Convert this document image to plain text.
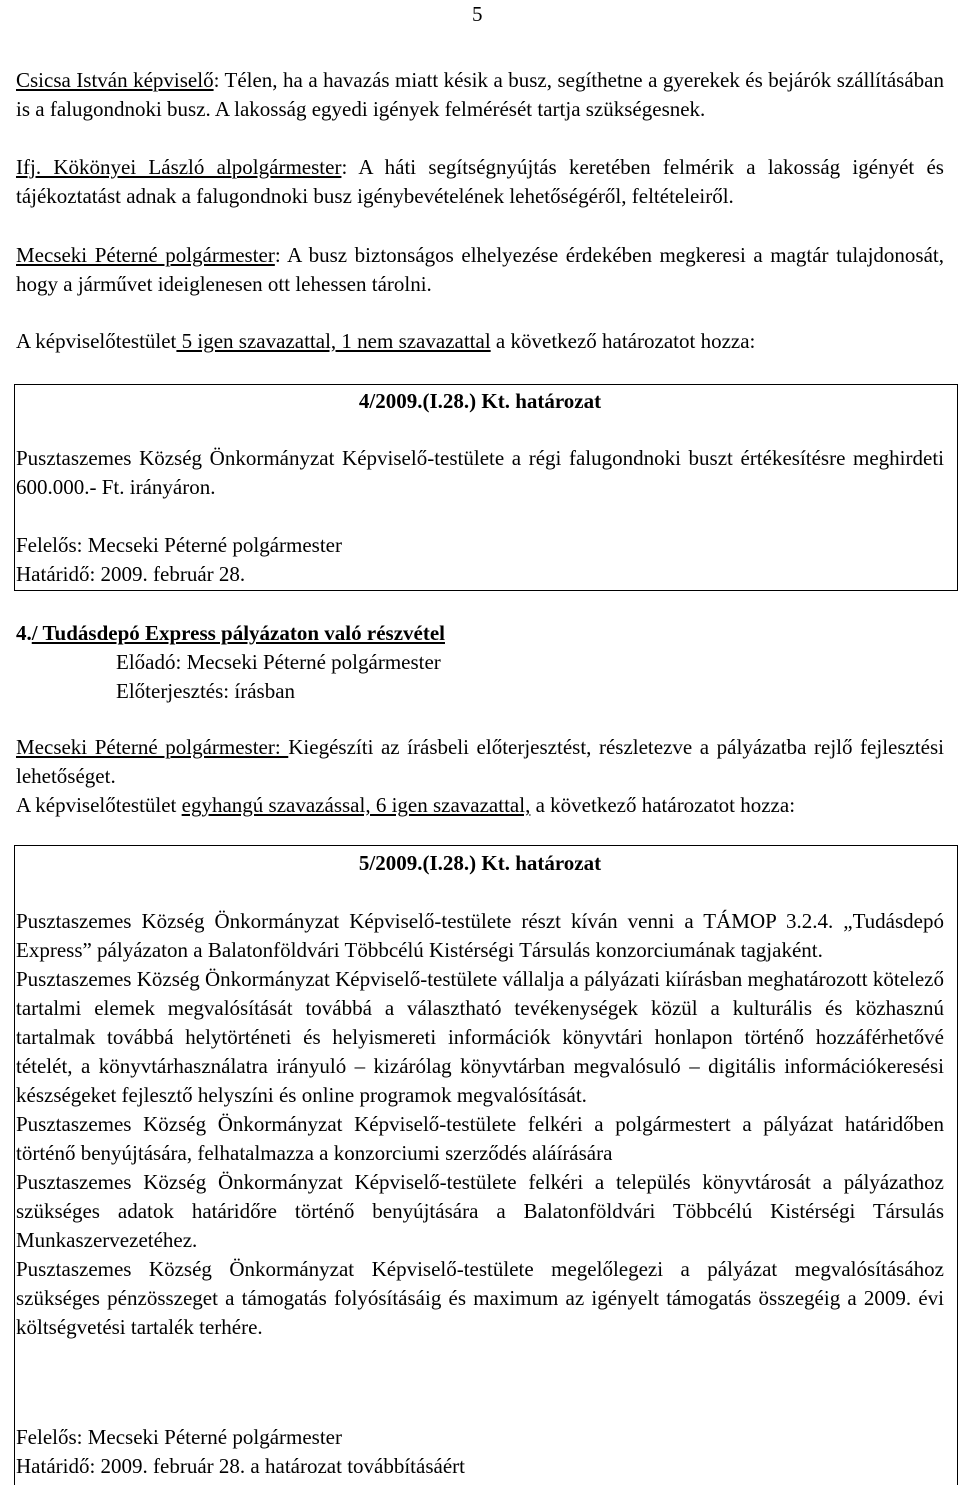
5
Csicsa István képviselő: Télen, ha a havazás miatt késik a busz, segíthetne a gyerekek és bejárók szállításában is a falugondnoki busz. A lakosság egyedi igények felmérését tartja szükségesnek.
Ifj. Kökönyei László alpolgármester: A háti segítségnyújtás keretében felmérik a lakosság igényét és tájékoztatást adnak a falugondnoki busz igénybevételének lehetőségéről, feltételeiről.
Mecseki Péterné polgármester: A busz biztonságos elhelyezése érdekében megkeresi a magtár tulajdonosát, hogy a járművet ideiglenesen ott lehessen tárolni.
A képviselőtestület 5 igen szavazattal, 1 nem szavazattal a következő határozatot hozza:
4/2009.(I.28.) Kt. határozat
Pusztaszemes Község Önkormányzat Képviselő-testülete a régi falugondnoki buszt értékesítésre meghirdeti 600.000.- Ft. irányáron.
Felelős: Mecseki Péterné polgármester
Határidő: 2009. február 28.
4./ Tudásdepó Express pályázaton való részvétel
Előadó: Mecseki Péterné polgármester
Előterjesztés: írásban
Mecseki Péterné polgármester: Kiegészíti az írásbeli előterjesztést, részletezve a pályázatba rejlő fejlesztési lehetőséget.
A képviselőtestület egyhangú szavazással, 6 igen szavazattal, a következő határozatot hozza:
5/2009.(I.28.) Kt. határozat

Pusztaszemes Község Önkormányzat Képviselő-testülete részt kíván venni a TÁMOP 3.2.4. „Tudásdepó Express” pályázaton a Balatonföldvári Többcélú Kistérségi Társulás konzorciumának tagjaként.

Pusztaszemes Község Önkormányzat Képviselő-testülete vállalja a pályázati kiírásban meghatározott kötelező tartalmi elemek megvalósítását továbbá a választható tevékenységek közül a kulturális és közhasznú tartalmak továbbá helytörténeti és helyismereti információk könyvtári honlapon történő hozzáférhetővé tételét, a könyvtárhasználatra irányuló – kizárólag könyvtárban megvalósuló – digitális információkeresési készségeket fejlesztő helyszíni és online programok megvalósítását.

Pusztaszemes Község Önkormányzat Képviselő-testülete felkéri a polgármestert a pályázat határidőben történő benyújtására, felhatalmazza a konzorciumi szerződés aláírására

Pusztaszemes Község Önkormányzat Képviselő-testülete felkéri a település könyvtárosát a pályázathoz szükséges adatok határidőre történő benyújtására a Balatonföldvári Többcélú Kistérségi Társulás Munkaszervezetéhez.

Pusztaszemes Község Önkormányzat Képviselő-testülete megelőlegezi a pályázat megvalósításához szükséges pénzösszeget a támogatás folyósításáig és maximum az igényelt támogatás összegéig a 2009. évi költségvetési tartalék terhére.

Felelős: Mecseki Péterné polgármester
Határidő: 2009. február 28. a határozat továbbításáért
